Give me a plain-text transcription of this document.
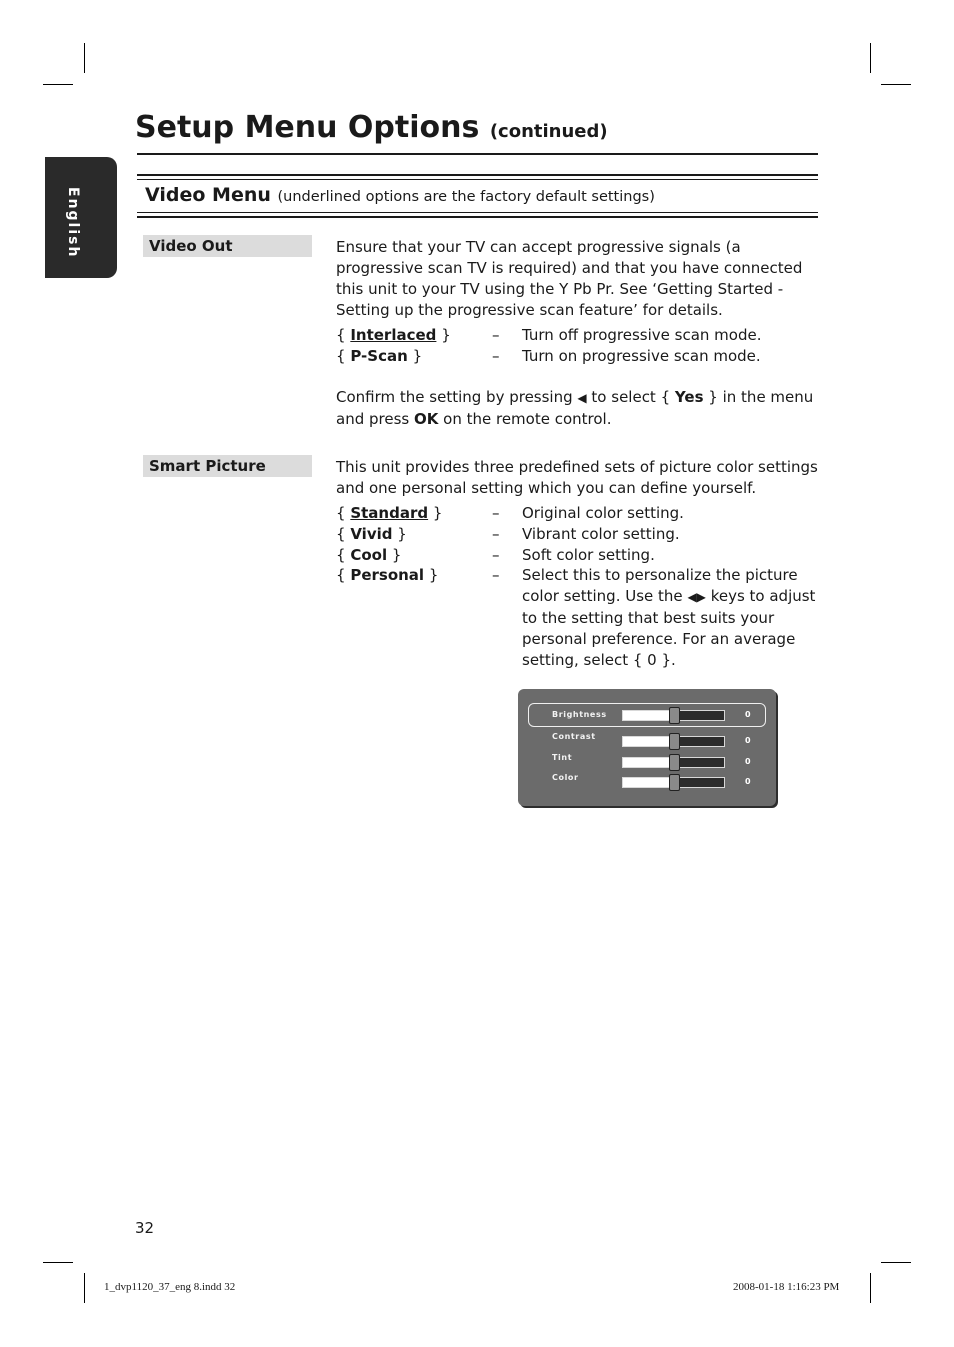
English
Setup Menu Options (continued)
Video Menu (underlined options are the factory default settings)
Video Out	Ensure that your TV can accept progressive signals (a progressive scan TV is required) and that you have connected this unit to your TV using the Y Pb Pr. See ‘Getting Started - Setting up the progressive scan feature’ for details.

{ Interlaced }	– Turn off progressive scan mode.

{ P-Scan }	– Turn on progressive scan mode.

Confirm the setting by pressing ◀ to select { Yes } in the menu and press OK on the remote control.

Smart Picture	This unit provides three predefined sets of picture color settings and one personal setting which you can define yourself.

{ Standard }	– Original color setting.

{ Vivid }	– Vibrant color setting.

{ Cool }	– Soft color setting.

{ Personal }	– Select this to personalize the picture color setting. Use the ◀▶ keys to adjust to the setting that best suits your personal preference. For an average setting, select { 0 }.

Brightness	0
Contrast	0
Tint	0
Color	0
32
1_dvp1120_37_eng 8.indd 32	2008-01-18 1:16:23 PM
